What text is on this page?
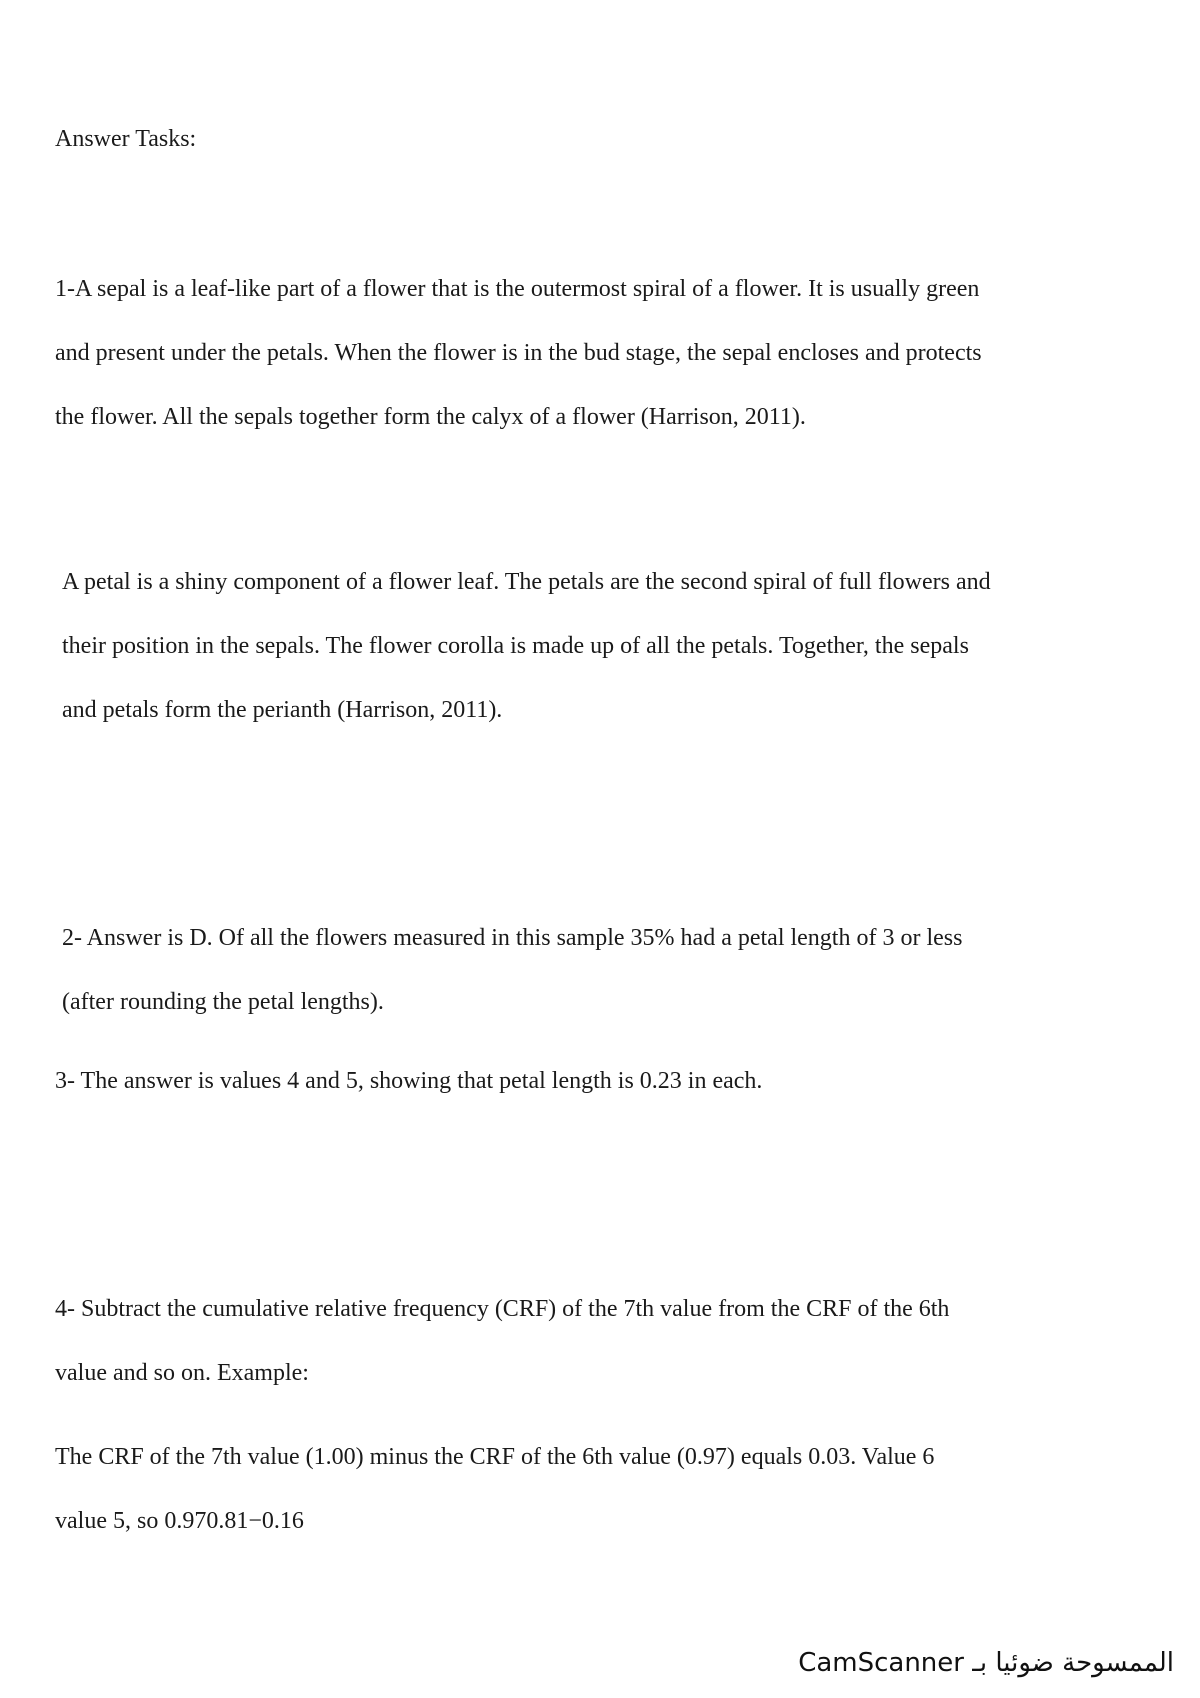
Answer Tasks:

1-A sepal is a leaf-like part of a flower that is the outermost spiral of a flower. It is usually green
and present under the petals. When the flower is in the bud stage, the sepal encloses and protects
the flower. All the sepals together form the calyx of a flower (Harrison, 2011).

A petal is a shiny component of a flower leaf. The petals are the second spiral of full flowers and
their position in the sepals. The flower corolla is made up of all the petals. Together, the sepals
and petals form the perianth (Harrison, 2011).

2- Answer is D. Of all the flowers measured in this sample 35% had a petal length of 3 or less
(after rounding the petal lengths).

3- The answer is values 4 and 5, showing that petal length is 0.23 in each.

4- Subtract the cumulative relative frequency (CRF) of the 7th value from the CRF of the 6th
value and so on. Example:

The CRF of the 7th value (1.00) minus the CRF of the 6th value (0.97) equals 0.03. Value 6
value 5, so 0.970.81−0.16

CamScanner الممسوحة ضوئيا بـ
